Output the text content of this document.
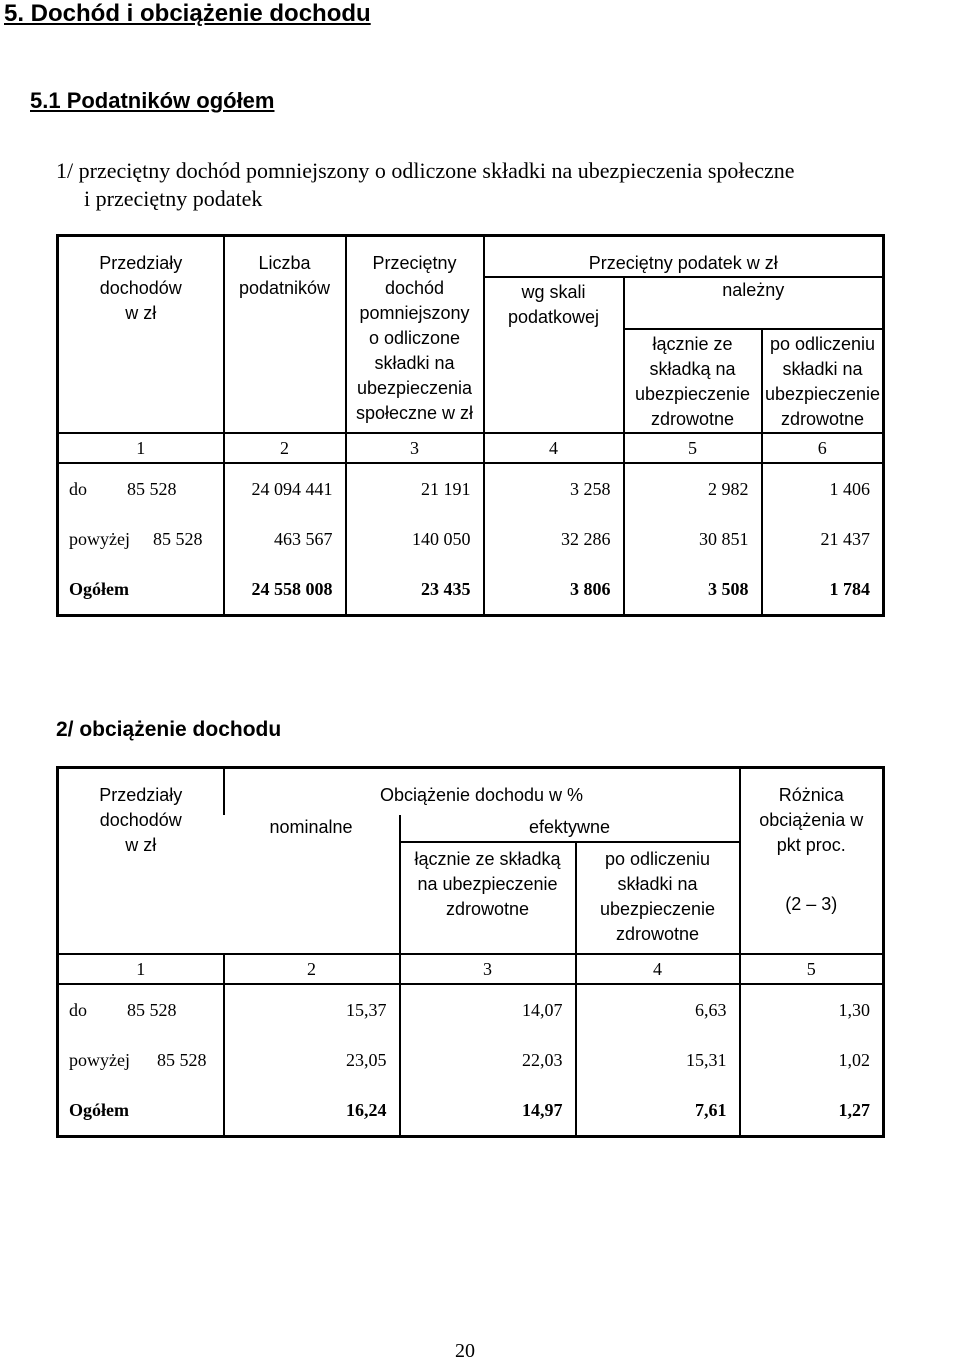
5. Dochód i obciążenie dochodu
5.1 Podatników ogółem
1/ przeciętny dochód pomniejszony o odliczone składki na ubezpieczenia społeczne
i przeciętny podatek
Przedziały dochodów w zł	Liczba podatników	Przeciętny dochód pomniejszony o odliczone składki na ubezpieczenia społeczne w zł	Przeciętny podatek w zł		

			wg skali podatkowej	należny	

				łącznie ze składką na ubezpieczenie zdrowotne	po odliczeniu składki na ubezpieczenie zdrowotne

1	2	3	4	5	6
do 85 528	24 094 441	21 191	3 258	2 982	1 406
powyżej 85 528	463 567	140 050	32 286	30 851	21 437
Ogółem	24 558 008	23 435	3 806	3 508	1 784
2/ obciążenie dochodu
Przedziały dochodów w zł	Obciążenie dochodu w %			Różnica obciążenia w pkt proc.
(2 – 3)

	nominalne	efektywne		

		łącznie ze składką na ubezpieczenie zdrowotne	po odliczeniu składki na ubezpieczenie zdrowotne	

1	2	3	4	5
do 85 528	15,37	14,07	6,63	1,30
powyżej 85 528	23,05	22,03	15,31	1,02
Ogółem	16,24	14,97	7,61	1,27
20
